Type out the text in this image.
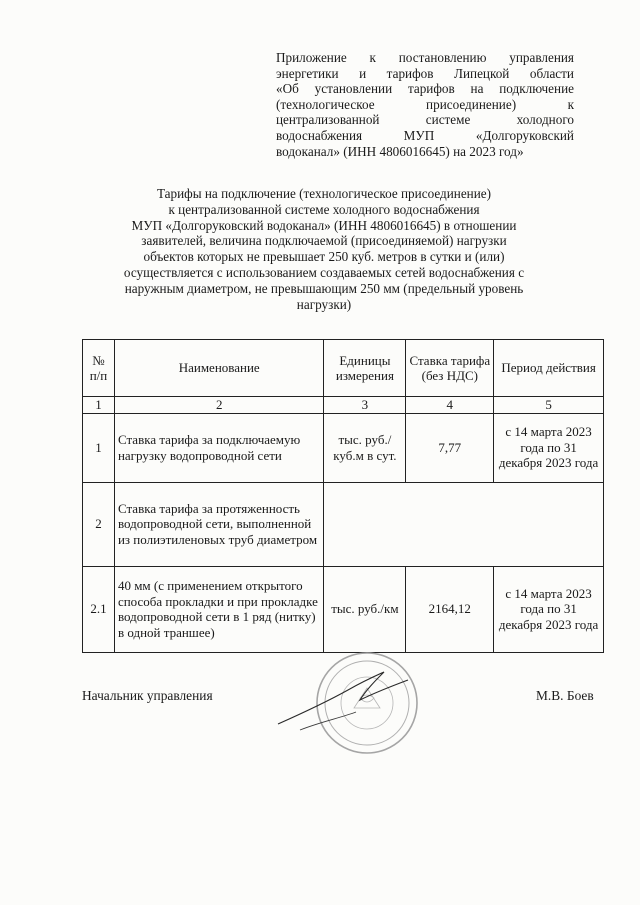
Приложение к постановлению управления
энергетики и тарифов Липецкой области
«Об установлении тарифов на подключение
(технологическое присоединение) к
централизованной системе холодного
водоснабжения МУП «Долгоруковский
водоканал» (ИНН 4806016645) на 2023 год»
Тарифы на подключение (технологическое присоединение)
к централизованной системе холодного водоснабжения
МУП «Долгоруковский водоканал» (ИНН 4806016645) в отношении
заявителей, величина подключаемой (присоединяемой) нагрузки
объектов которых не превышает 250 куб. метров в сутки и (или)
осуществляется с использованием создаваемых сетей водоснабжения с
наружным диаметром, не превышающим 250 мм (предельный уровень
нагрузки)
№ п/п	Наименование	Единицы измерения	Ставка тарифа (без НДС)	Период действия
1	2	3	4	5
1	Ставка тарифа за подключаемую нагрузку водопроводной сети	тыс. руб./ куб.м в сут.	7,77	с 14 марта 2023 года по 31 декабря 2023 года
2	Ставка тарифа за протяженность водопроводной сети, выполненной из полиэтиленовых труб диаметром			
2.1	40 мм (с применением открытого способа прокладки и при прокладке водопроводной сети в 1 ряд (нитку) в одной траншее)	тыс. руб./км	2164,12	с 14 марта 2023 года по 31 декабря 2023 года
Начальник управления	М.В. Боев
